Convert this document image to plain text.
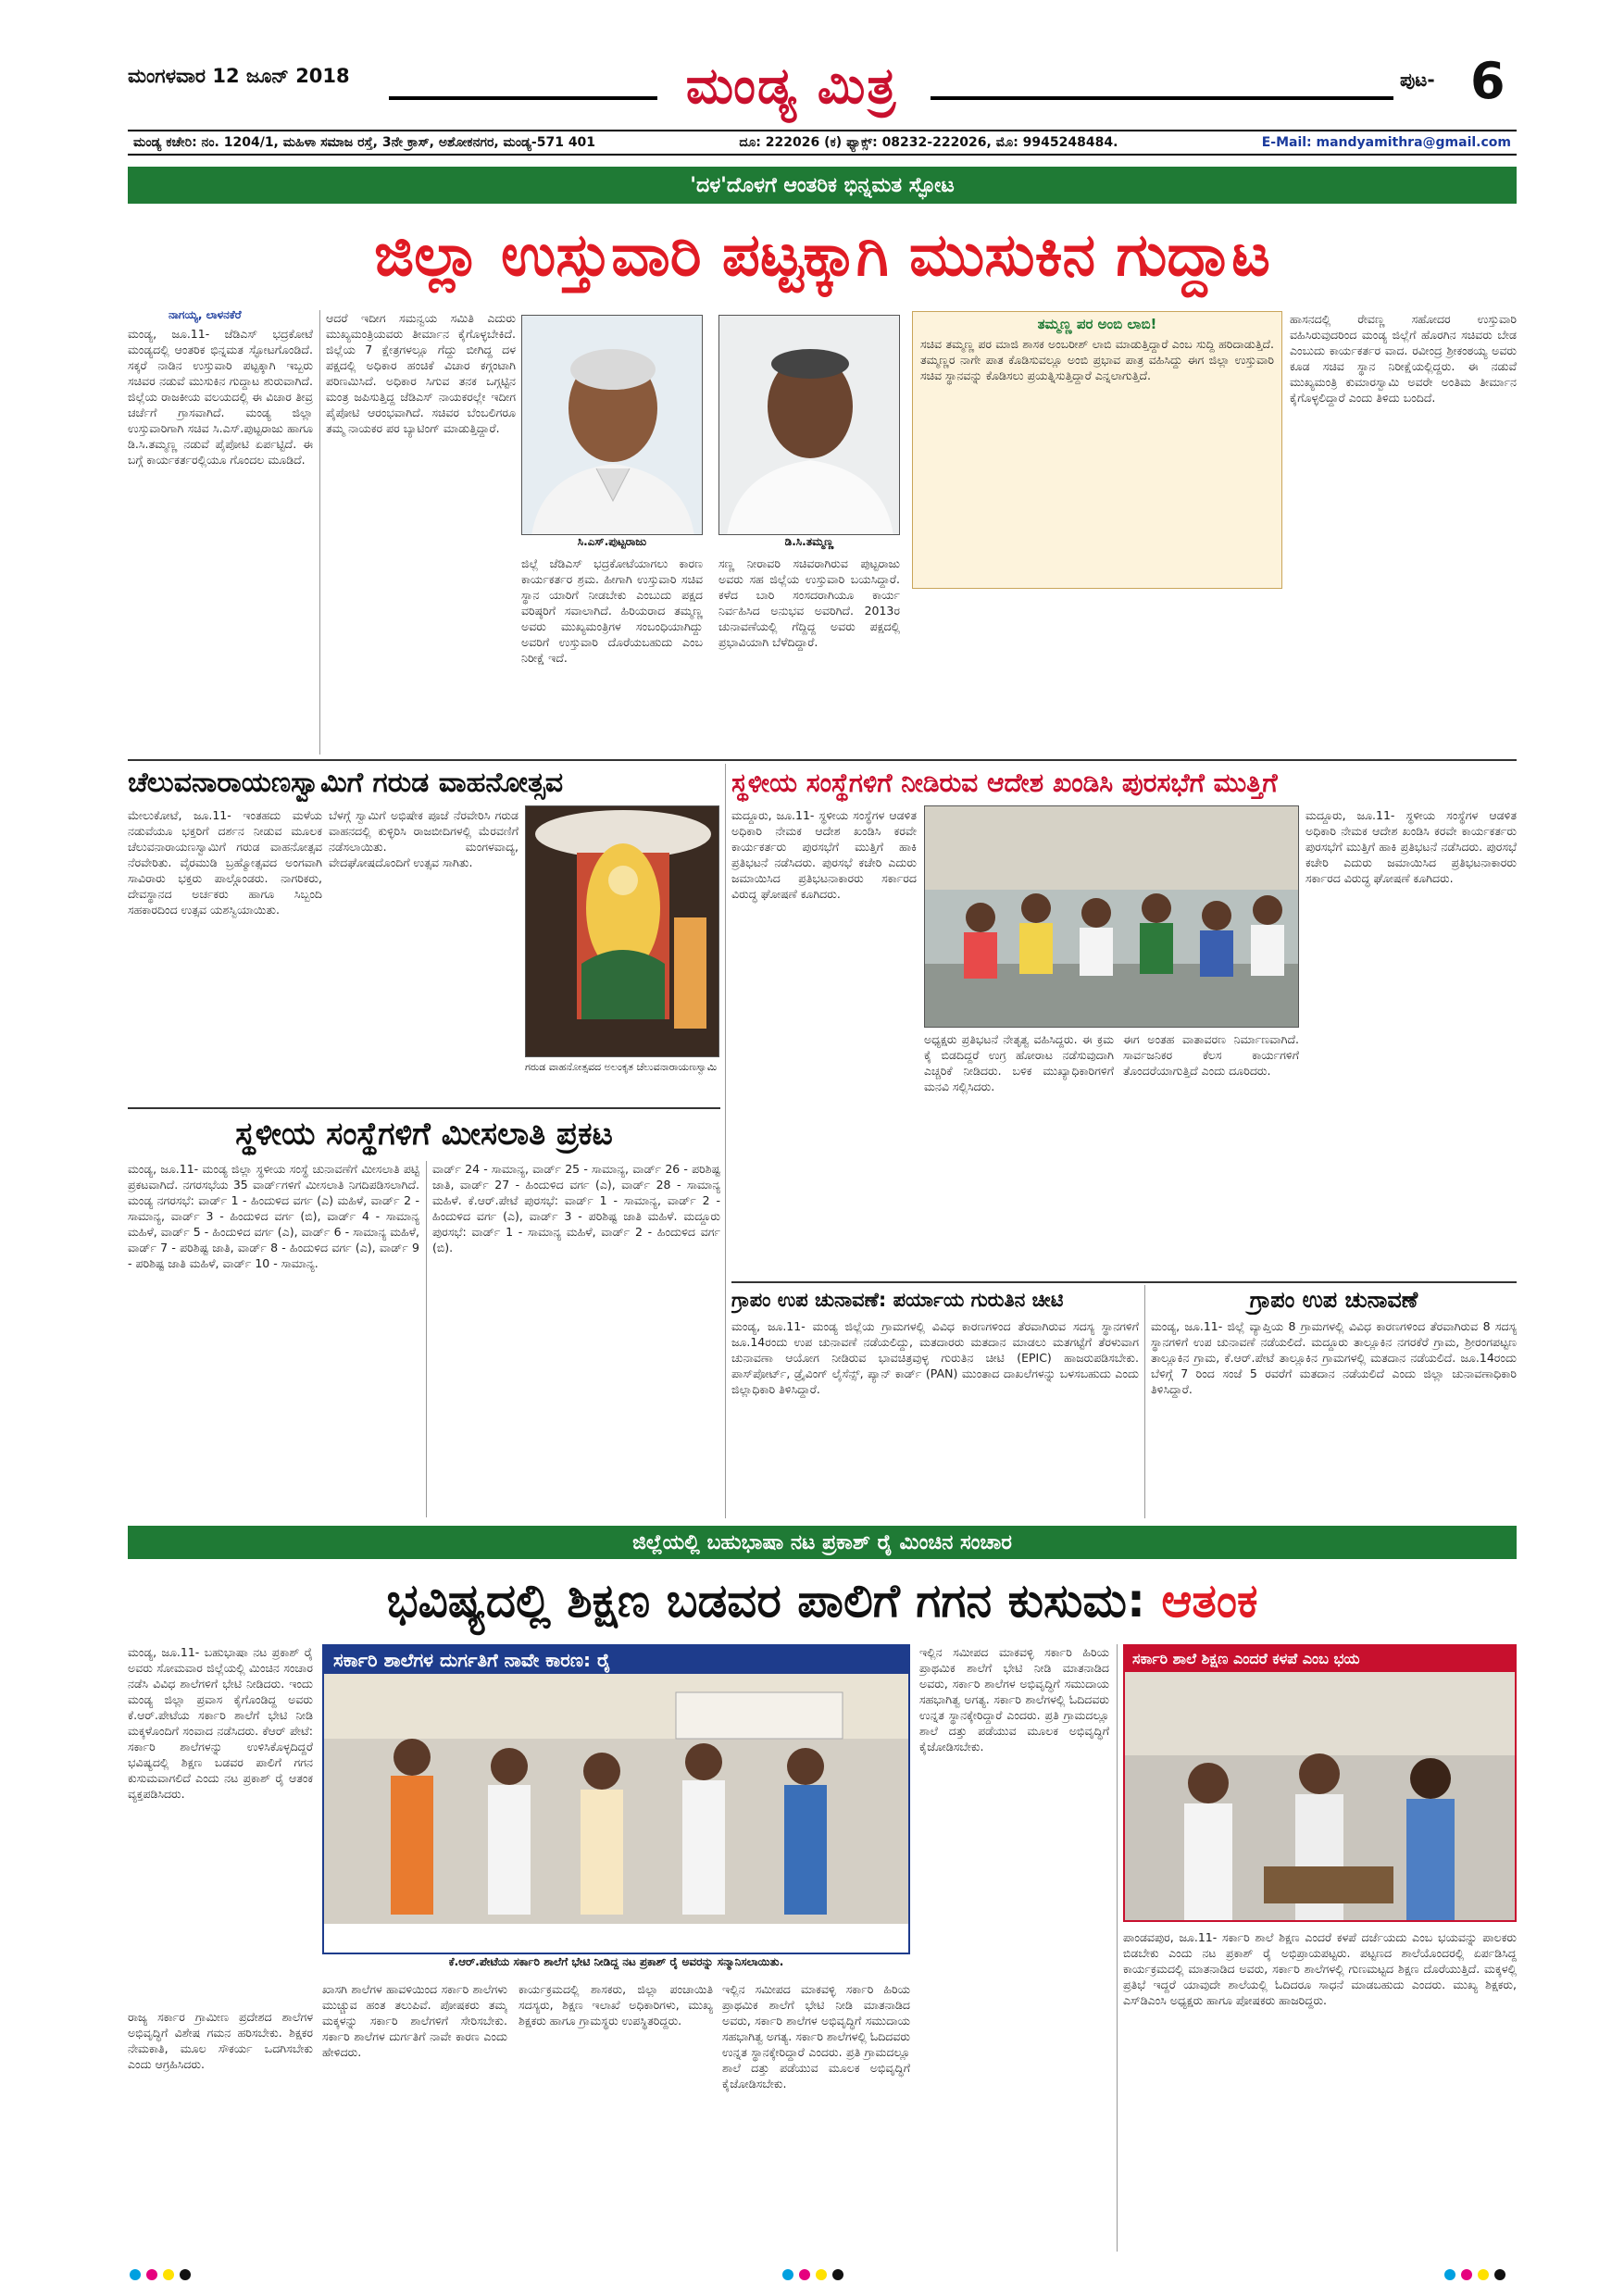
ಮಂಗಳವಾರ 12 ಜೂನ್ 2018	ಮಂಡ್ಯ ಮಿತ್ರ	ಪುಟ- 6
ಮಂಡ್ಯ ಕಚೇರಿ: ನಂ. 1204/1, ಮಹಿಳಾ ಸಮಾಜ ರಸ್ತೆ, 3ನೇ ಕ್ರಾಸ್, ಅಶೋಕನಗರ, ಮಂಡ್ಯ-571 401	ದೂ: 222026 (ಕ) ಫ್ಯಾಕ್ಸ್: 08232-222026, ಮೊ: 9945248484.	E-Mail: mandyamithra@gmail.com
'ದಳ'ದೊಳಗೆ ಆಂತರಿಕ ಭಿನ್ನಮತ ಸ್ಫೋಟ
ಜಿಲ್ಲಾ ಉಸ್ತುವಾರಿ ಪಟ್ಟಕ್ಕಾಗಿ ಮುಸುಕಿನ ಗುದ್ದಾಟ
ನಾಗಯ್ಯ, ಲಾಳನಕೆರೆ
ಮಂಡ್ಯ, ಜೂ.11- ಜೆಡಿಎಸ್ ಭದ್ರಕೋಟೆ ಮಂಡ್ಯದಲ್ಲಿ ಆಂತರಿಕ ಭಿನ್ನಮತ ಸ್ಫೋಟಗೊಂಡಿದೆ. ಸಕ್ಕರೆ ನಾಡಿನ ಉಸ್ತುವಾರಿ ಪಟ್ಟಕ್ಕಾಗಿ ಇಬ್ಬರು ಸಚಿವರ ನಡುವೆ ಮುಸುಕಿನ ಗುದ್ದಾಟ ಶುರುವಾಗಿದೆ. ಜಿಲ್ಲೆಯ ರಾಜಕೀಯ ವಲಯದಲ್ಲಿ ಈ ವಿಚಾರ ತೀವ್ರ ಚರ್ಚೆಗೆ ಗ್ರಾಸವಾಗಿದೆ. ಮಂಡ್ಯ ಜಿಲ್ಲಾ ಉಸ್ತುವಾರಿಗಾಗಿ ಸಚಿವ ಸಿ.ಎಸ್.ಪುಟ್ಟರಾಜು ಹಾಗೂ ಡಿ.ಸಿ.ತಮ್ಮಣ್ಣ ನಡುವೆ ಪೈಪೋಟಿ ಏರ್ಪಟ್ಟಿದೆ. ಈ ಬಗ್ಗೆ ಕಾರ್ಯಕರ್ತರಲ್ಲಿಯೂ ಗೊಂದಲ ಮೂಡಿದೆ.
ಆದರೆ ಇದೀಗ ಸಮನ್ವಯ ಸಮಿತಿ ಎದುರು ಮುಖ್ಯಮಂತ್ರಿಯವರು ತೀರ್ಮಾನ ಕೈಗೊಳ್ಳಬೇಕಿದೆ. ಜಿಲ್ಲೆಯ 7 ಕ್ಷೇತ್ರಗಳಲ್ಲೂ ಗೆದ್ದು ಬೀಗಿದ್ದ ದಳ ಪಕ್ಷದಲ್ಲಿ ಅಧಿಕಾರ ಹಂಚಿಕೆ ವಿಚಾರ ಕಗ್ಗಂಟಾಗಿ ಪರಿಣಮಿಸಿದೆ. ಅಧಿಕಾರ ಸಿಗುವ ತನಕ ಒಗ್ಗಟ್ಟಿನ ಮಂತ್ರ ಜಪಿಸುತ್ತಿದ್ದ ಜೆಡಿಎಸ್ ನಾಯಕರಲ್ಲೇ ಇದೀಗ ಪೈಪೋಟಿ ಆರಂಭವಾಗಿದೆ. ಸಚಿವರ ಬೆಂಬಲಿಗರೂ ತಮ್ಮ ನಾಯಕರ ಪರ ಬ್ಯಾಟಿಂಗ್ ಮಾಡುತ್ತಿದ್ದಾರೆ.
ಸಿ.ಎಸ್.ಪುಟ್ಟರಾಜು	ಡಿ.ಸಿ.ತಮ್ಮಣ್ಣ
ಜಿಲ್ಲೆ ಜೆಡಿಎಸ್ ಭದ್ರಕೋಟೆಯಾಗಲು ಕಾರಣ ಕಾರ್ಯಕರ್ತರ ಶ್ರಮ. ಹೀಗಾಗಿ ಉಸ್ತುವಾರಿ ಸಚಿವ ಸ್ಥಾನ ಯಾರಿಗೆ ನೀಡಬೇಕು ಎಂಬುದು ಪಕ್ಷದ ವರಿಷ್ಠರಿಗೆ ಸವಾಲಾಗಿದೆ. ಹಿರಿಯರಾದ ತಮ್ಮಣ್ಣ ಅವರು ಮುಖ್ಯಮಂತ್ರಿಗಳ ಸಂಬಂಧಿಯಾಗಿದ್ದು ಅವರಿಗೆ ಉಸ್ತುವಾರಿ ದೊರೆಯಬಹುದು ಎಂಬ ನಿರೀಕ್ಷೆ ಇದೆ.
ಸಣ್ಣ ನೀರಾವರಿ ಸಚಿವರಾಗಿರುವ ಪುಟ್ಟರಾಜು ಅವರು ಸಹ ಜಿಲ್ಲೆಯ ಉಸ್ತುವಾರಿ ಬಯಸಿದ್ದಾರೆ. ಕಳೆದ ಬಾರಿ ಸಂಸದರಾಗಿಯೂ ಕಾರ್ಯ ನಿರ್ವಹಿಸಿದ ಅನುಭವ ಅವರಿಗಿದೆ. 2013ರ ಚುನಾವಣೆಯಲ್ಲಿ ಗೆದ್ದಿದ್ದ ಅವರು ಪಕ್ಷದಲ್ಲಿ ಪ್ರಭಾವಿಯಾಗಿ ಬೆಳೆದಿದ್ದಾರೆ.
ತಮ್ಮಣ್ಣ ಪರ ಅಂಬಿ ಲಾಬಿ!
ಸಚಿವ ತಮ್ಮಣ್ಣ ಪರ ಮಾಜಿ ಶಾಸಕ ಅಂಬರೀಶ್ ಲಾಬಿ ಮಾಡುತ್ತಿದ್ದಾರೆ ಎಂಬ ಸುದ್ದಿ ಹರಿದಾಡುತ್ತಿದೆ. ತಮ್ಮಣ್ಣರ ನಾಗೇ ಪಾತ ಕೊಡಿಸುವಲ್ಲೂ ಅಂಬಿ ಪ್ರಭಾವ ಪಾತ್ರ ವಹಿಸಿದ್ದು ಈಗ ಜಿಲ್ಲಾ ಉಸ್ತುವಾರಿ ಸಚಿವ ಸ್ಥಾನವನ್ನು ಕೊಡಿಸಲು ಪ್ರಯತ್ನಿಸುತ್ತಿದ್ದಾರೆ ಎನ್ನಲಾಗುತ್ತಿದೆ.
ಹಾಸನದಲ್ಲಿ ರೇವಣ್ಣ ಸಹೋದರ ಉಸ್ತುವಾರಿ ವಹಿಸಿರುವುದರಿಂದ ಮಂಡ್ಯ ಜಿಲ್ಲೆಗೆ ಹೊರಗಿನ ಸಚಿವರು ಬೇಡ ಎಂಬುದು ಕಾರ್ಯಕರ್ತರ ವಾದ. ರವೀಂದ್ರ ಶ್ರೀಕಂಠಯ್ಯ ಅವರು ಕೂಡ ಸಚಿವ ಸ್ಥಾನ ನಿರೀಕ್ಷೆಯಲ್ಲಿದ್ದರು. ಈ ನಡುವೆ ಮುಖ್ಯಮಂತ್ರಿ ಕುಮಾರಸ್ವಾಮಿ ಅವರೇ ಅಂತಿಮ ತೀರ್ಮಾನ ಕೈಗೊಳ್ಳಲಿದ್ದಾರೆ ಎಂದು ತಿಳಿದು ಬಂದಿದೆ.
ಚೆಲುವನಾರಾಯಣಸ್ವಾಮಿಗೆ ಗರುಡ ವಾಹನೋತ್ಸವ
ಮೇಲುಕೋಟೆ, ಜೂ.11- ಇಂತಹದು ಮಳೆಯ ನಡುವೆಯೂ ಭಕ್ತರಿಗೆ ದರ್ಶನ ನೀಡುವ ಮೂಲಕ ಚೆಲುವನಾರಾಯಣಸ್ವಾಮಿಗೆ ಗರುಡ ವಾಹನೋತ್ಸವ ನೆರವೇರಿತು. ವೈರಮುಡಿ ಬ್ರಹ್ಮೋತ್ಸವದ ಅಂಗವಾಗಿ ಸಾವಿರಾರು ಭಕ್ತರು ಪಾಲ್ಗೊಂಡರು. ನಾಗರಿಕರು, ದೇವಸ್ಥಾನದ ಅರ್ಚಕರು ಹಾಗೂ ಸಿಬ್ಬಂದಿ ಸಹಕಾರದಿಂದ ಉತ್ಸವ ಯಶಸ್ವಿಯಾಯಿತು.
ಬೆಳಗ್ಗೆ ಸ್ವಾಮಿಗೆ ಅಭಿಷೇಕ ಪೂಜೆ ನೆರವೇರಿಸಿ ಗರುಡ ವಾಹನದಲ್ಲಿ ಕುಳ್ಳಿರಿಸಿ ರಾಜಬೀದಿಗಳಲ್ಲಿ ಮೆರವಣಿಗೆ ನಡೆಸಲಾಯಿತು. ಮಂಗಳವಾದ್ಯ, ವೇದಘೋಷದೊಂದಿಗೆ ಉತ್ಸವ ಸಾಗಿತು.
ಗರುಡ ವಾಹನೋತ್ಸವದ ಅಲಂಕೃತ ಚೆಲುವನಾರಾಯಣಸ್ವಾಮಿ
ಸ್ಥಳೀಯ ಸಂಸ್ಥೆಗಳಿಗೆ ಮೀಸಲಾತಿ ಪ್ರಕಟ
ಮಂಡ್ಯ, ಜೂ.11- ಮಂಡ್ಯ ಜಿಲ್ಲಾ ಸ್ಥಳೀಯ ಸಂಸ್ಥೆ ಚುನಾವಣೆಗೆ ಮೀಸಲಾತಿ ಪಟ್ಟಿ ಪ್ರಕಟವಾಗಿದೆ. ನಗರಸಭೆಯ 35 ವಾರ್ಡ್‌ಗಳಿಗೆ ಮೀಸಲಾತಿ ನಿಗದಿಪಡಿಸಲಾಗಿದೆ. ಮಂಡ್ಯ ನಗರಸಭೆ: ವಾರ್ಡ್ 1 - ಹಿಂದುಳಿದ ವರ್ಗ (ಎ) ಮಹಿಳೆ, ವಾರ್ಡ್ 2 - ಸಾಮಾನ್ಯ, ವಾರ್ಡ್ 3 - ಹಿಂದುಳಿದ ವರ್ಗ (ಬಿ), ವಾರ್ಡ್ 4 - ಸಾಮಾನ್ಯ ಮಹಿಳೆ, ವಾರ್ಡ್ 5 - ಹಿಂದುಳಿದ ವರ್ಗ (ಎ), ವಾರ್ಡ್ 6 - ಸಾಮಾನ್ಯ ಮಹಿಳೆ, ವಾರ್ಡ್ 7 - ಪರಿಶಿಷ್ಟ ಜಾತಿ, ವಾರ್ಡ್ 8 - ಹಿಂದುಳಿದ ವರ್ಗ (ಎ), ವಾರ್ಡ್ 9 - ಪರಿಶಿಷ್ಟ ಜಾತಿ ಮಹಿಳೆ, ವಾರ್ಡ್ 10 - ಸಾಮಾನ್ಯ.
ವಾರ್ಡ್ 24 - ಸಾಮಾನ್ಯ, ವಾರ್ಡ್ 25 - ಸಾಮಾನ್ಯ, ವಾರ್ಡ್ 26 - ಪರಿಶಿಷ್ಟ ಜಾತಿ, ವಾರ್ಡ್ 27 - ಹಿಂದುಳಿದ ವರ್ಗ (ಎ), ವಾರ್ಡ್ 28 - ಸಾಮಾನ್ಯ ಮಹಿಳೆ. ಕೆ.ಆರ್.ಪೇಟೆ ಪುರಸಭೆ: ವಾರ್ಡ್ 1 - ಸಾಮಾನ್ಯ, ವಾರ್ಡ್ 2 - ಹಿಂದುಳಿದ ವರ್ಗ (ಎ), ವಾರ್ಡ್ 3 - ಪರಿಶಿಷ್ಟ ಜಾತಿ ಮಹಿಳೆ. ಮದ್ದೂರು ಪುರಸಭೆ: ವಾರ್ಡ್ 1 - ಸಾಮಾನ್ಯ ಮಹಿಳೆ, ವಾರ್ಡ್ 2 - ಹಿಂದುಳಿದ ವರ್ಗ (ಬಿ).
ಸ್ಥಳೀಯ ಸಂಸ್ಥೆಗಳಿಗೆ ನೀಡಿರುವ ಆದೇಶ ಖಂಡಿಸಿ ಪುರಸಭೆಗೆ ಮುತ್ತಿಗೆ
ಮದ್ದೂರು, ಜೂ.11- ಸ್ಥಳೀಯ ಸಂಸ್ಥೆಗಳ ಆಡಳಿತ ಅಧಿಕಾರಿ ನೇಮಕ ಆದೇಶ ಖಂಡಿಸಿ ಕರವೇ ಕಾರ್ಯಕರ್ತರು ಪುರಸಭೆಗೆ ಮುತ್ತಿಗೆ ಹಾಕಿ ಪ್ರತಿಭಟನೆ ನಡೆಸಿದರು. ಪುರಸಭೆ ಕಚೇರಿ ಎದುರು ಜಮಾಯಿಸಿದ ಪ್ರತಿಭಟನಾಕಾರರು ಸರ್ಕಾರದ ವಿರುದ್ಧ ಘೋಷಣೆ ಕೂಗಿದರು.
ಈಗ ಅಂತಹ ವಾತಾವರಣ ನಿರ್ಮಾಣವಾಗಿದೆ. ಸಾರ್ವಜನಿಕರ ಕೆಲಸ ಕಾರ್ಯಗಳಿಗೆ ತೊಂದರೆಯಾಗುತ್ತಿದೆ ಎಂದು ದೂರಿದರು.
ಅಧ್ಯಕ್ಷರು ಪ್ರತಿಭಟನೆ ನೇತೃತ್ವ ವಹಿಸಿದ್ದರು. ಈ ಕ್ರಮ ಕೈ ಬಿಡದಿದ್ದರೆ ಉಗ್ರ ಹೋರಾಟ ನಡೆಸುವುದಾಗಿ ಎಚ್ಚರಿಕೆ ನೀಡಿದರು. ಬಳಿಕ ಮುಖ್ಯಾಧಿಕಾರಿಗಳಿಗೆ ಮನವಿ ಸಲ್ಲಿಸಿದರು.
ಮದ್ದೂರು, ಜೂ.11- ಸ್ಥಳೀಯ ಸಂಸ್ಥೆಗಳ ಆಡಳಿತ ಅಧಿಕಾರಿ ನೇಮಕ ಆದೇಶ ಖಂಡಿಸಿ ಕರವೇ ಕಾರ್ಯಕರ್ತರು ಪುರಸಭೆಗೆ ಮುತ್ತಿಗೆ ಹಾಕಿ ಪ್ರತಿಭಟನೆ ನಡೆಸಿದರು. ಪುರಸಭೆ ಕಚೇರಿ ಎದುರು ಜಮಾಯಿಸಿದ ಪ್ರತಿಭಟನಾಕಾರರು ಸರ್ಕಾರದ ವಿರುದ್ಧ ಘೋಷಣೆ ಕೂಗಿದರು.
ಗ್ರಾಪಂ ಉಪ ಚುನಾವಣೆ: ಪರ್ಯಾಯ ಗುರುತಿನ ಚೀಟಿ
ಮಂಡ್ಯ, ಜೂ.11- ಮಂಡ್ಯ ಜಿಲ್ಲೆಯ ಗ್ರಾಮಗಳಲ್ಲಿ ವಿವಿಧ ಕಾರಣಗಳಿಂದ ತೆರವಾಗಿರುವ ಸದಸ್ಯ ಸ್ಥಾನಗಳಿಗೆ ಜೂ.14ರಂದು ಉಪ ಚುನಾವಣೆ ನಡೆಯಲಿದ್ದು, ಮತದಾರರು ಮತದಾನ ಮಾಡಲು ಮತಗಟ್ಟೆಗೆ ತೆರಳುವಾಗ ಚುನಾವಣಾ ಆಯೋಗ ನೀಡಿರುವ ಭಾವಚಿತ್ರವುಳ್ಳ ಗುರುತಿನ ಚೀಟಿ (EPIC) ಹಾಜರುಪಡಿಸಬೇಕು. ಪಾಸ್‌ಪೋರ್ಟ್, ಡ್ರೈವಿಂಗ್ ಲೈಸೆನ್ಸ್, ಪ್ಯಾನ್ ಕಾರ್ಡ್ (PAN) ಮುಂತಾದ ದಾಖಲೆಗಳನ್ನು ಬಳಸಬಹುದು ಎಂದು ಜಿಲ್ಲಾಧಿಕಾರಿ ತಿಳಿಸಿದ್ದಾರೆ.
ಗ್ರಾಪಂ ಉಪ ಚುನಾವಣೆ
ಮಂಡ್ಯ, ಜೂ.11- ಜಿಲ್ಲೆ ವ್ಯಾಪ್ತಿಯ 8 ಗ್ರಾಮಗಳಲ್ಲಿ ವಿವಿಧ ಕಾರಣಗಳಿಂದ ತೆರವಾಗಿರುವ 8 ಸದಸ್ಯ ಸ್ಥಾನಗಳಿಗೆ ಉಪ ಚುನಾವಣೆ ನಡೆಯಲಿದೆ. ಮದ್ದೂರು ತಾಲ್ಲೂಕಿನ ನಗರಕೆರೆ ಗ್ರಾಮ, ಶ್ರೀರಂಗಪಟ್ಟಣ ತಾಲ್ಲೂಕಿನ ಗ್ರಾಮ, ಕೆ.ಆರ್.ಪೇಟೆ ತಾಲ್ಲೂಕಿನ ಗ್ರಾಮಗಳಲ್ಲಿ ಮತದಾನ ನಡೆಯಲಿದೆ. ಜೂ.14ರಂದು ಬೆಳಿಗ್ಗೆ 7 ರಿಂದ ಸಂಜೆ 5 ರವರೆಗೆ ಮತದಾನ ನಡೆಯಲಿದೆ ಎಂದು ಜಿಲ್ಲಾ ಚುನಾವಣಾಧಿಕಾರಿ ತಿಳಿಸಿದ್ದಾರೆ.
ಜಿಲ್ಲೆಯಲ್ಲಿ ಬಹುಭಾಷಾ ನಟ ಪ್ರಕಾಶ್ ರೈ ಮಿಂಚಿನ ಸಂಚಾರ
ಭವಿಷ್ಯದಲ್ಲಿ ಶಿಕ್ಷಣ ಬಡವರ ಪಾಲಿಗೆ ಗಗನ ಕುಸುಮ: ಆತಂಕ
ಮಂಡ್ಯ, ಜೂ.11- ಬಹುಭಾಷಾ ನಟ ಪ್ರಕಾಶ್ ರೈ ಅವರು ಸೋಮವಾರ ಜಿಲ್ಲೆಯಲ್ಲಿ ಮಿಂಚಿನ ಸಂಚಾರ ನಡೆಸಿ ವಿವಿಧ ಶಾಲೆಗಳಿಗೆ ಭೇಟಿ ನೀಡಿದರು. ಇಂದು ಮಂಡ್ಯ ಜಿಲ್ಲಾ ಪ್ರವಾಸ ಕೈಗೊಂಡಿದ್ದ ಅವರು ಕೆ.ಆರ್.ಪೇಟೆಯ ಸರ್ಕಾರಿ ಶಾಲೆಗೆ ಭೇಟಿ ನೀಡಿ ಮಕ್ಕಳೊಂದಿಗೆ ಸಂವಾದ ನಡೆಸಿದರು. ಕೆಆರ್ ಪೇಟೆ: ಸರ್ಕಾರಿ ಶಾಲೆಗಳನ್ನು ಉಳಿಸಿಕೊಳ್ಳದಿದ್ದರೆ ಭವಿಷ್ಯದಲ್ಲಿ ಶಿಕ್ಷಣ ಬಡವರ ಪಾಲಿಗೆ ಗಗನ ಕುಸುಮವಾಗಲಿದೆ ಎಂದು ನಟ ಪ್ರಕಾಶ್ ರೈ ಆತಂಕ ವ್ಯಕ್ತಪಡಿಸಿದರು.
ರಾಜ್ಯ ಸರ್ಕಾರ ಗ್ರಾಮೀಣ ಪ್ರದೇಶದ ಶಾಲೆಗಳ ಅಭಿವೃದ್ಧಿಗೆ ವಿಶೇಷ ಗಮನ ಹರಿಸಬೇಕು. ಶಿಕ್ಷಕರ ನೇಮಕಾತಿ, ಮೂಲ ಸೌಕರ್ಯ ಒದಗಿಸಬೇಕು ಎಂದು ಆಗ್ರಹಿಸಿದರು.
ಸರ್ಕಾರಿ ಶಾಲೆಗಳ ದುರ್ಗತಿಗೆ ನಾವೇ ಕಾರಣ: ರೈ
ಕೆ.ಆರ್.ಪೇಟೆಯ ಸರ್ಕಾರಿ ಶಾಲೆಗೆ ಭೇಟಿ ನೀಡಿದ್ದ ನಟ ಪ್ರಕಾಶ್ ರೈ ಅವರನ್ನು ಸನ್ಮಾನಿಸಲಾಯಿತು.
ಖಾಸಗಿ ಶಾಲೆಗಳ ಹಾವಳಿಯಿಂದ ಸರ್ಕಾರಿ ಶಾಲೆಗಳು ಮುಚ್ಚುವ ಹಂತ ತಲುಪಿವೆ. ಪೋಷಕರು ತಮ್ಮ ಮಕ್ಕಳನ್ನು ಸರ್ಕಾರಿ ಶಾಲೆಗಳಿಗೆ ಸೇರಿಸಬೇಕು. ಸರ್ಕಾರಿ ಶಾಲೆಗಳ ದುರ್ಗತಿಗೆ ನಾವೇ ಕಾರಣ ಎಂದು ಹೇಳಿದರು.
ಕಾರ್ಯಕ್ರಮದಲ್ಲಿ ಶಾಸಕರು, ಜಿಲ್ಲಾ ಪಂಚಾಯಿತಿ ಸದಸ್ಯರು, ಶಿಕ್ಷಣ ಇಲಾಖೆ ಅಧಿಕಾರಿಗಳು, ಮುಖ್ಯ ಶಿಕ್ಷಕರು ಹಾಗೂ ಗ್ರಾಮಸ್ಥರು ಉಪಸ್ಥಿತರಿದ್ದರು.
ಇಲ್ಲಿನ ಸಮೀಪದ ಮಾಕವಳ್ಳಿ ಸರ್ಕಾರಿ ಹಿರಿಯ ಪ್ರಾಥಮಿಕ ಶಾಲೆಗೆ ಭೇಟಿ ನೀಡಿ ಮಾತನಾಡಿದ ಅವರು, ಸರ್ಕಾರಿ ಶಾಲೆಗಳ ಅಭಿವೃದ್ಧಿಗೆ ಸಮುದಾಯ ಸಹಭಾಗಿತ್ವ ಅಗತ್ಯ. ಸರ್ಕಾರಿ ಶಾಲೆಗಳಲ್ಲಿ ಓದಿದವರು ಉನ್ನತ ಸ್ಥಾನಕ್ಕೇರಿದ್ದಾರೆ ಎಂದರು. ಪ್ರತಿ ಗ್ರಾಮದಲ್ಲೂ ಶಾಲೆ ದತ್ತು ಪಡೆಯುವ ಮೂಲಕ ಅಭಿವೃದ್ಧಿಗೆ ಕೈಜೋಡಿಸಬೇಕು.
ಇಲ್ಲಿನ ಸಮೀಪದ ಮಾಕವಳ್ಳಿ ಸರ್ಕಾರಿ ಹಿರಿಯ ಪ್ರಾಥಮಿಕ ಶಾಲೆಗೆ ಭೇಟಿ ನೀಡಿ ಮಾತನಾಡಿದ ಅವರು, ಸರ್ಕಾರಿ ಶಾಲೆಗಳ ಅಭಿವೃದ್ಧಿಗೆ ಸಮುದಾಯ ಸಹಭಾಗಿತ್ವ ಅಗತ್ಯ. ಸರ್ಕಾರಿ ಶಾಲೆಗಳಲ್ಲಿ ಓದಿದವರು ಉನ್ನತ ಸ್ಥಾನಕ್ಕೇರಿದ್ದಾರೆ ಎಂದರು. ಪ್ರತಿ ಗ್ರಾಮದಲ್ಲೂ ಶಾಲೆ ದತ್ತು ಪಡೆಯುವ ಮೂಲಕ ಅಭಿವೃದ್ಧಿಗೆ ಕೈಜೋಡಿಸಬೇಕು.
ಸರ್ಕಾರಿ ಶಾಲೆ ಶಿಕ್ಷಣ ಎಂದರೆ ಕಳಪೆ ಎಂಬ ಭಯ
ಪಾಂಡವಪುರ, ಜೂ.11- ಸರ್ಕಾರಿ ಶಾಲೆ ಶಿಕ್ಷಣ ಎಂದರೆ ಕಳಪೆ ದರ್ಜೆಯದು ಎಂಬ ಭಯವನ್ನು ಪಾಲಕರು ಬಿಡಬೇಕು ಎಂದು ನಟ ಪ್ರಕಾಶ್ ರೈ ಅಭಿಪ್ರಾಯಪಟ್ಟರು. ಪಟ್ಟಣದ ಶಾಲೆಯೊಂದರಲ್ಲಿ ಏರ್ಪಡಿಸಿದ್ದ ಕಾರ್ಯಕ್ರಮದಲ್ಲಿ ಮಾತನಾಡಿದ ಅವರು, ಸರ್ಕಾರಿ ಶಾಲೆಗಳಲ್ಲಿ ಗುಣಮಟ್ಟದ ಶಿಕ್ಷಣ ದೊರೆಯುತ್ತಿದೆ. ಮಕ್ಕಳಲ್ಲಿ ಪ್ರತಿಭೆ ಇದ್ದರೆ ಯಾವುದೇ ಶಾಲೆಯಲ್ಲಿ ಓದಿದರೂ ಸಾಧನೆ ಮಾಡಬಹುದು ಎಂದರು. ಮುಖ್ಯ ಶಿಕ್ಷಕರು, ಎಸ್‌ಡಿಎಂಸಿ ಅಧ್ಯಕ್ಷರು ಹಾಗೂ ಪೋಷಕರು ಹಾಜರಿದ್ದರು.
